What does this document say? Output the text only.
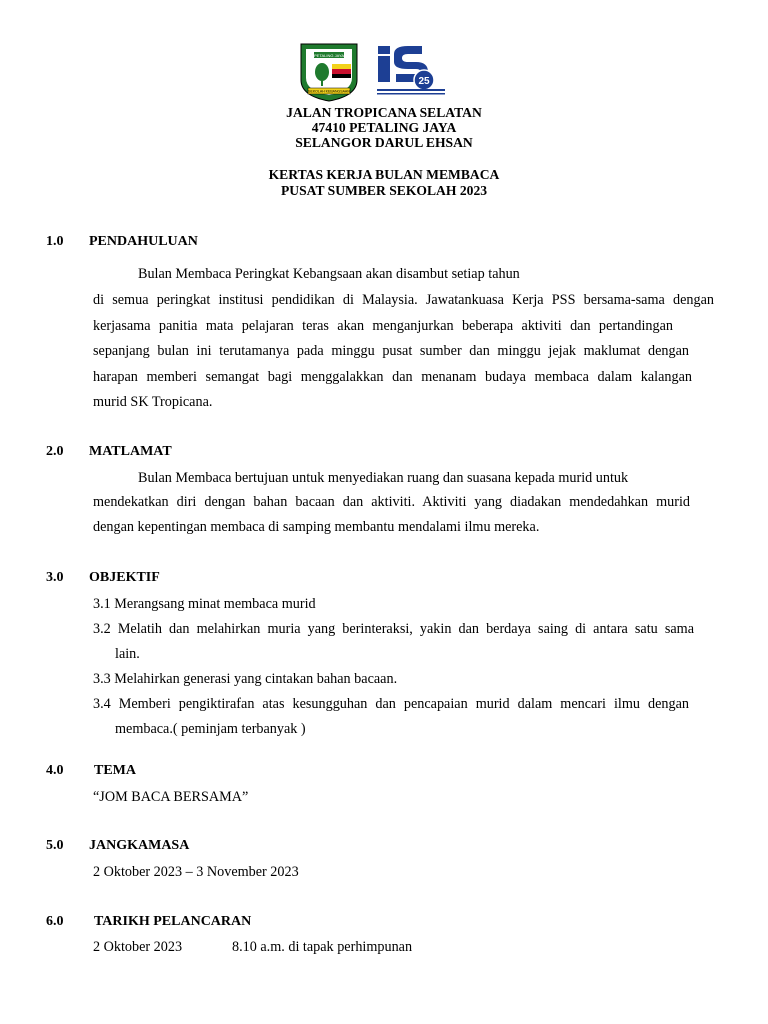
PETALING JAYA
SEKOLAH KEBANGSAAN
25
JALAN TROPICANA SELATAN
47410 PETALING JAYA
SELANGOR DARUL EHSAN
KERTAS KERJA BULAN MEMBACA
PUSAT SUMBER SEKOLAH 2023
1.0 PENDAHULUAN
Bulan Membaca Peringkat Kebangsaan akan disambut setiap tahun
di semua peringkat institusi pendidikan di Malaysia. Jawatankuasa Kerja PSS bersama-sama dengan
kerjasama panitia mata pelajaran teras akan menganjurkan beberapa aktiviti dan pertandingan
sepanjang bulan ini terutamanya pada minggu pusat sumber dan minggu jejak maklumat dengan
harapan memberi semangat bagi menggalakkan dan menanam budaya membaca dalam kalangan
murid SK Tropicana.
2.0 MATLAMAT
Bulan Membaca bertujuan untuk menyediakan ruang dan suasana kepada murid untuk
mendekatkan diri dengan bahan bacaan dan aktiviti. Aktiviti yang diadakan mendedahkan murid
dengan kepentingan membaca di samping membantu mendalami ilmu mereka.
3.0 OBJEKTIF
3.1 Merangsang minat membaca murid
3.2 Melatih dan melahirkan muria yang berinteraksi, yakin dan berdaya saing di antara satu sama
lain.
3.3 Melahirkan generasi yang cintakan bahan bacaan.
3.4 Memberi pengiktirafan atas kesungguhan dan pencapaian murid dalam mencari ilmu dengan
membaca.( peminjam terbanyak )
4.0 TEMA
“JOM BACA BERSAMA”
5.0 JANGKAMASA
2 Oktober 2023 – 3 November 2023
6.0 TARIKH PELANCARAN
2 Oktober 2023	8.10 a.m. di tapak perhimpunan
